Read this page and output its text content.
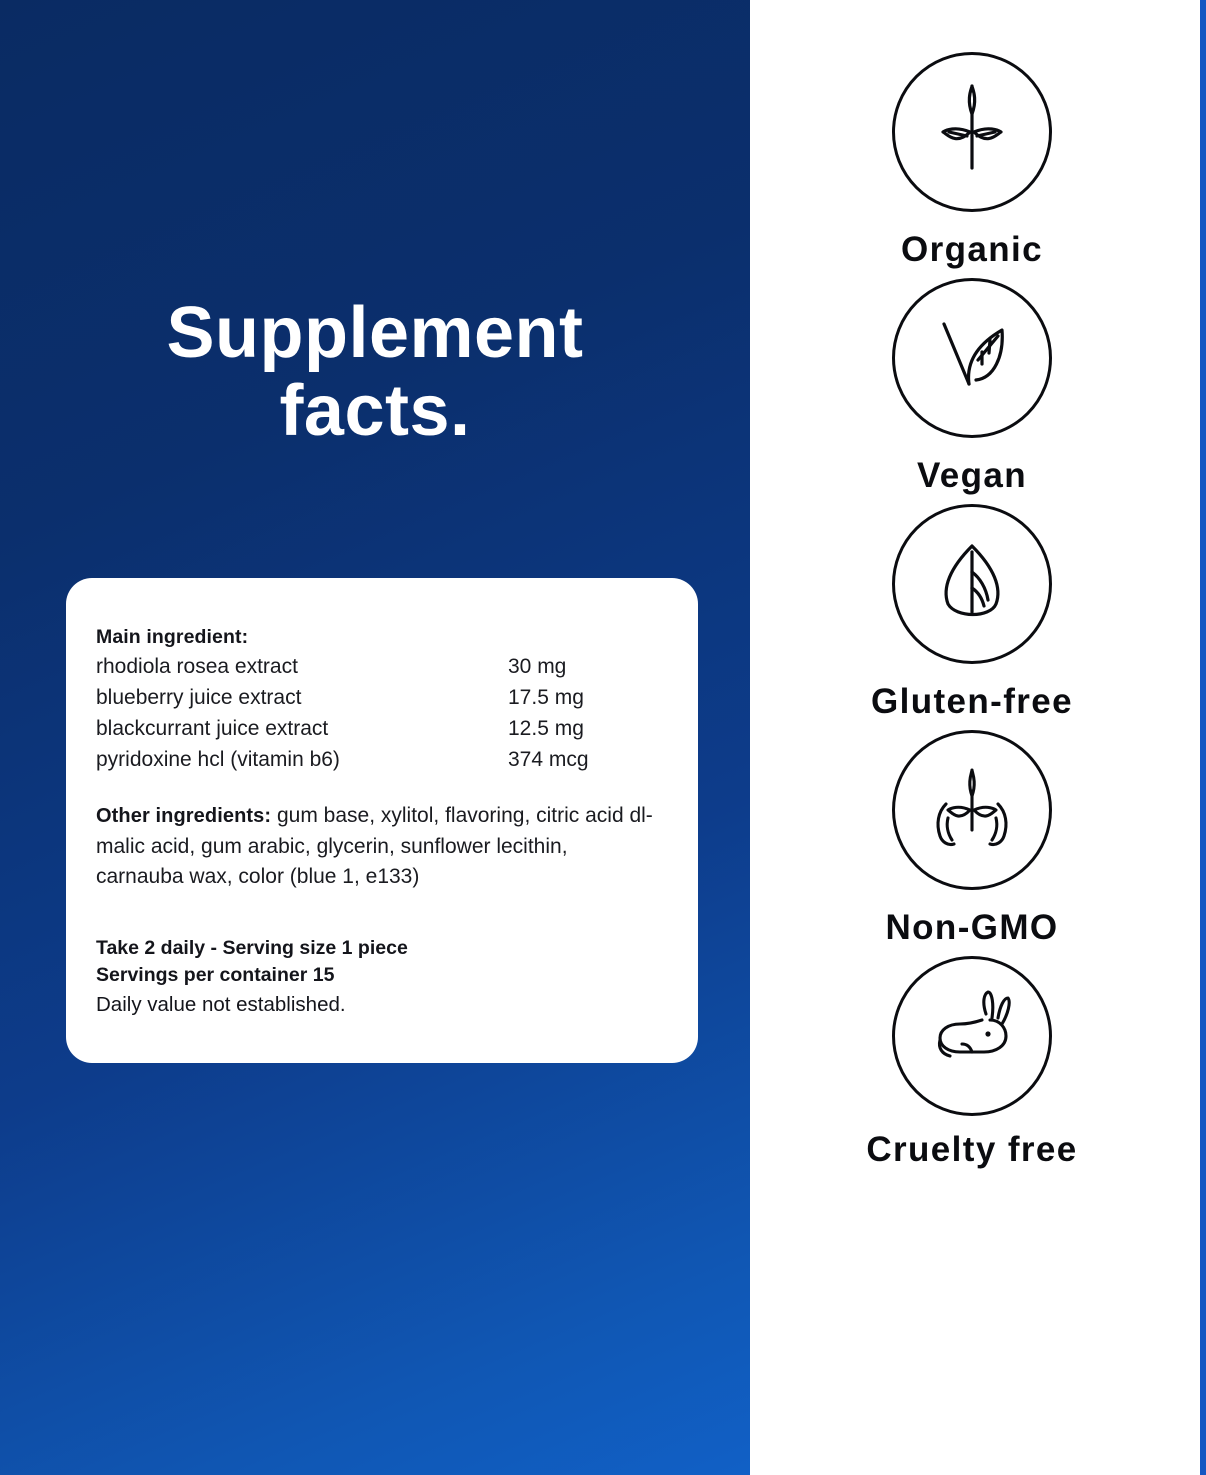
Supplement
facts.
Main ingredient:
rhodiola rosea extract	30 mg
blueberry juice extract	17.5 mg
blackcurrant juice extract	12.5 mg
pyridoxine hcl (vitamin b6)	374 mcg
Other ingredients: gum base, xylitol, flavoring, citric acid dl-malic acid, gum arabic, glycerin, sunflower lecithin, carnauba wax, color (blue 1, e133)
Take 2 daily - Serving size 1 piece
Servings per container 15
Daily value not established.
Organic
Vegan
Gluten-free
Non-GMO
Cruelty free
